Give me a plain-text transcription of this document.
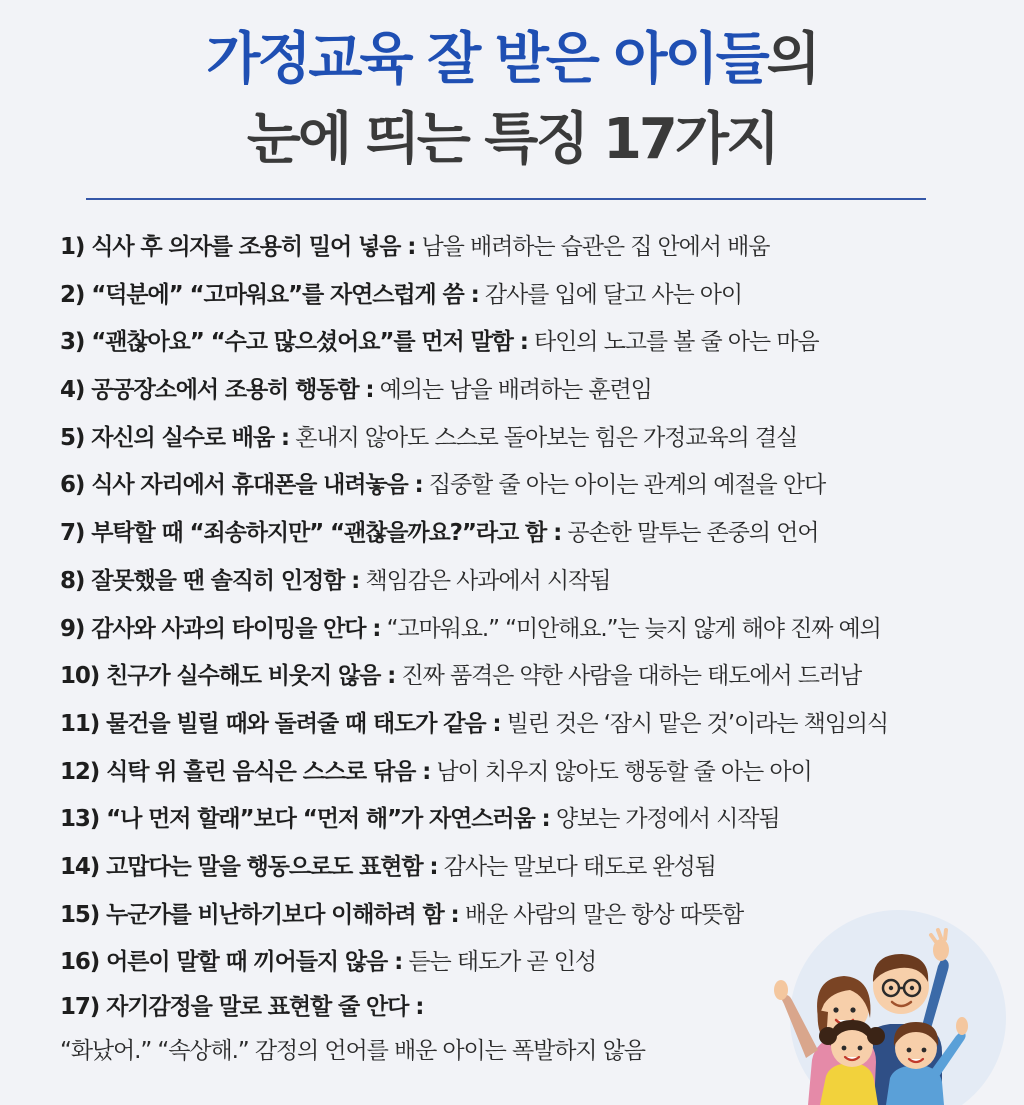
가정교육 잘 받은 아이들의
눈에 띄는 특징 17가지
1) 식사 후 의자를 조용히 밀어 넣음 : 남을 배려하는 습관은 집 안에서 배움
2) “덕분에” “고마워요”를 자연스럽게 씀 : 감사를 입에 달고 사는 아이
3) “괜찮아요” “수고 많으셨어요”를 먼저 말함 : 타인의 노고를 볼 줄 아는 마음
4) 공공장소에서 조용히 행동함 : 예의는 남을 배려하는 훈련임
5) 자신의 실수로 배움 : 혼내지 않아도 스스로 돌아보는 힘은 가정교육의 결실
6) 식사 자리에서 휴대폰을 내려놓음 : 집중할 줄 아는 아이는 관계의 예절을 안다
7) 부탁할 때 “죄송하지만” “괜찮을까요?”라고 함 : 공손한 말투는 존중의 언어
8) 잘못했을 땐 솔직히 인정함 : 책임감은 사과에서 시작됨
9) 감사와 사과의 타이밍을 안다 : “고마워요.” “미안해요.”는 늦지 않게 해야 진짜 예의
10) 친구가 실수해도 비웃지 않음 : 진짜 품격은 약한 사람을 대하는 태도에서 드러남
11) 물건을 빌릴 때와 돌려줄 때 태도가 같음 : 빌린 것은 ‘잠시 맡은 것’이라는 책임의식
12) 식탁 위 흘린 음식은 스스로 닦음 : 남이 치우지 않아도 행동할 줄 아는 아이
13) “나 먼저 할래”보다 “먼저 해”가 자연스러움 : 양보는 가정에서 시작됨
14) 고맙다는 말을 행동으로도 표현함 : 감사는 말보다 태도로 완성됨
15) 누군가를 비난하기보다 이해하려 함 : 배운 사람의 말은 항상 따뜻함
16) 어른이 말할 때 끼어들지 않음 : 듣는 태도가 곧 인성
17) 자기감정을 말로 표현할 줄 안다 :
“화났어.” “속상해.” 감정의 언어를 배운 아이는 폭발하지 않음
